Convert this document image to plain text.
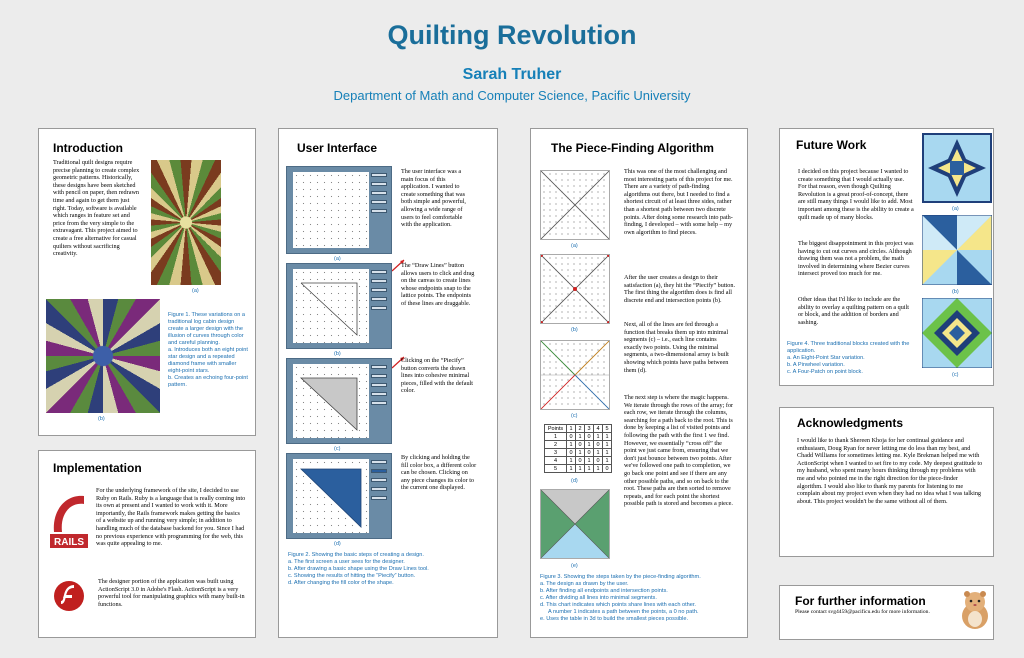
Quilting Revolution
Sarah Truher
Department of Math and Computer Science, Pacific University
Introduction
Traditional quilt designs require precise planning to create complex geometric patterns. Historically, these designs have been sketched with pencil on paper, then redrawn time and again to get them just right. Today, software is available which ranges in feature set and price from the very simple to the extravagant. This project aimed to create a free alternative for casual quilters without sacrificing creativity.
(a)
(b)
Figure 1. These variations on a traditional log cabin design create a larger design with the illusion of curves through color and careful planning.
a. Introduces both an eight point star design and a repeated diamond frame with smaller eight-point stars.
b. Creates an echoing four-point pattern.
Implementation
RAILS
For the underlying framework of the site, I decided to use Ruby on Rails. Ruby is a language that is really coming into its own at present and I wanted to work with it. More importantly, the Rails framework makes getting the basics of a website up and running very simple; in addition to handling much of the database backend for you. Since I had no previous experience with programming for the web, this was quite appealing to me.
The designer portion of the application was built using ActionScript 3.0 in Adobe's Flash. ActionScript is a very powerful tool for manipulating graphics with many built-in functions.
User Interface
(a)
(b)
(c)
(d)
The user interface was a main focus of this application. I wanted to create something that was both simple and powerful, allowing a wide range of users to feel comfortable with the application.
The “Draw Lines” button allows users to click and drag on the canvas to create lines whose endpoints snap to the lattice points. The endpoints of these lines are draggable.
Clicking on the “Piecify” button converts the drawn lines into cohesive minimal pieces, filled with the default color.
By clicking and holding the fill color box, a different color can be chosen. Clicking on any piece changes its color to the current one displayed.
Figure 2. Showing the basic steps of creating a design.
a. The first screen a user sees for the designer.
b. After drawing a basic shape using the Draw Lines tool.
c. Showing the results of hitting the “Piecify” button.
d. After changing the fill color of the shape.
The Piece-Finding Algorithm
(a)
(b)
(c)
Points	1	2	3	4	5
1	0	1	0	1	1
2	1	0	1	0	1
3	0	1	0	1	1
4	1	0	1	0	1
5	1	1	1	1	0
(d)
(e)
This was one of the most challenging and most interesting parts of this project for me. There are a variety of path-finding algorithms out there, but I needed to find a shortest circuit of at least three sides, rather than a shortest path between two discrete points. After doing some research into path-finding, I developed – with some help – my own algorithm to find pieces.
After the user creates a design to their satisfaction (a), they hit the “Piecify” button. The first thing the algorithm does is find all discrete end and intersection points (b).
Next, all of the lines are fed through a function that breaks them up into minimal segments (c) – i.e., each line contains exactly two points. Using the minimal segments, a two-dimensional array is built showing which points have paths between them (d).
The next step is where the magic happens. We iterate through the rows of the array; for each row, we iterate through the columns, searching for a path back to the root. This is done by keeping a list of visited points and following the path with the first 1 we find. However, we essentially “cross off” the point we just came from, ensuring that we don't just bounce between two points. After we've followed one path to completion, we go back one point and see if there are any other possible paths, and so on back to the root. These paths are then sorted to remove repeats, and for each point the shortest possible path is stored and becomes a piece.
Figure 3. Showing the steps taken by the piece-finding algorithm.
a. The design as drawn by the user.
b. After finding all endpoints and intersection points.
c. After dividing all lines into minimal segments.
d. This chart indicates which points share lines with each other.
A number 1 indicates a path between the points, a 0 no path.
e. Uses the table in 3d to build the smallest pieces possible.
Future Work
I decided on this project because I wanted to create something that I would actually use. For that reason, even though Quilting Revolution is a great proof-of-concept, there are still many things I would like to add. Most important among these is the ability to create a quilt made up of many blocks.
The biggest disappointment in this project was having to cut out curves and circles. Although drawing them was not a problem, the math involved in determining where Bezier curves intersect proved too much for me.
Other ideas that I'd like to include are the ability to overlay a quilting pattern on a quilt or block, and the addition of borders and sashing.
(a)
(b)
(c)
Figure 4. Three traditional blocks created with the application.
a. An Eight-Point Star variation.
b. A Pinwheel variation.
c. A Four-Patch on point block.
Acknowledgments
I would like to thank Shereen Khoja for her continual guidance and enthusiasm, Doug Ryan for never letting me do less than my best, and Chadd Williams for sometimes letting me. Kyle Brekman helped me with ActionScript when I wanted to set fire to my code. My deepest gratitude to my husband, who spent many hours thinking through my problems with me and who pointed me in the right direction for the piece-finder algorithm. I would also like to thank my parents for listening to me complain about my project even when they had no idea what I was talking about. This project wouldn't be the same without all of them.
For further information
Please contact svg4459@pacificu.edu for more information.
